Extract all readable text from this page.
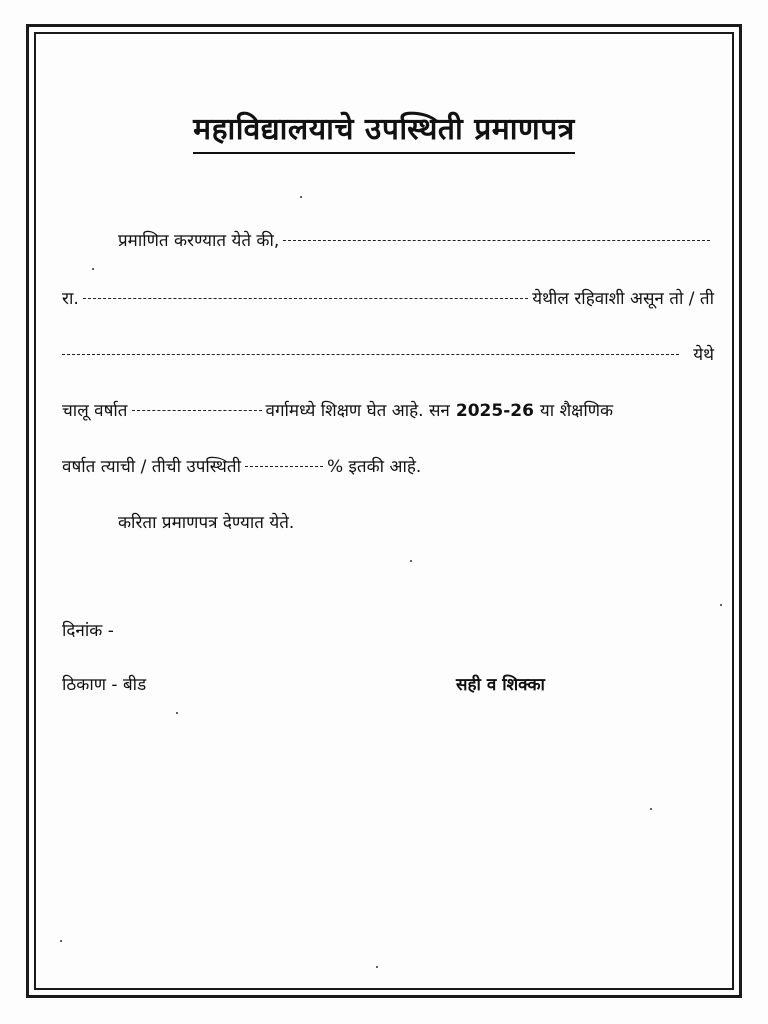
महाविद्यालयाचे उपस्थिती प्रमाणपत्र
प्रमाणित करण्यात येते की,
रा.	येथील रहिवाशी असून तो / ती
येथे
चालू वर्षात	वर्गामध्ये शिक्षण घेत आहे. सन 2025-26 या शैक्षणिक
वर्षात त्याची / तीची उपस्थिती	% इतकी आहे.
करिता प्रमाणपत्र देण्यात येते.
दिनांक -
ठिकाण - बीड	सही व शिक्का
